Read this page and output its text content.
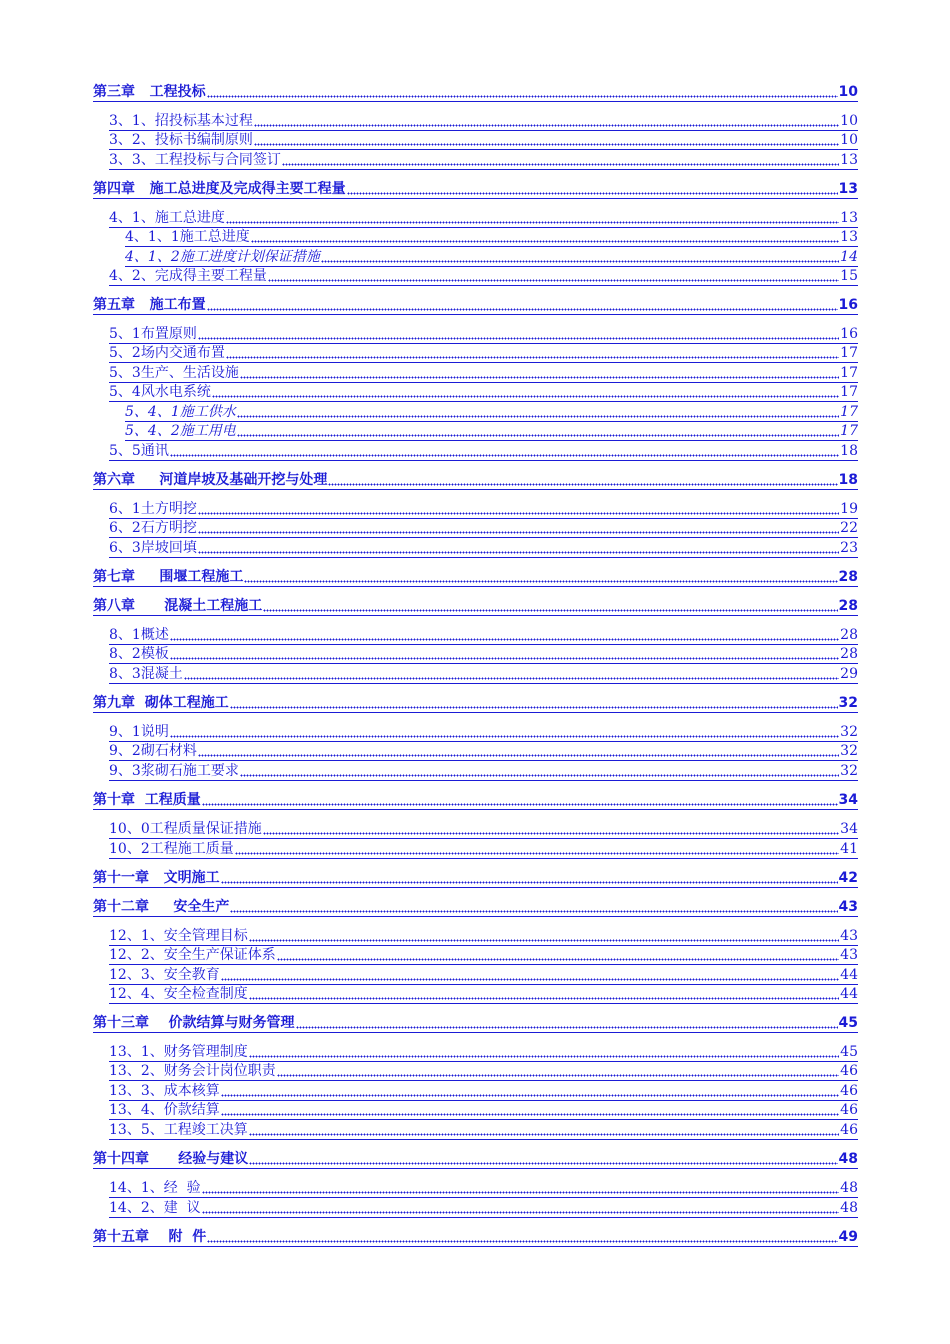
第三章   工程投标	10
3、1、招投标基本过程	10
3、2、投标书编制原则	10
3、3、工程投标与合同签订	13
第四章   施工总进度及完成得主要工程量	13
4、1、施工总进度	13
4、1、1施工总进度	13
4、1、2施工进度计划保证措施	14
4、2、完成得主要工程量	15
第五章   施工布置	16
5、1布置原则	16
5、2场内交通布置	17
5、3生产、生活设施	17
5、4风水电系统	17
5、4、1施工供水	17
5、4、2施工用电	17
5、5通讯	18
第六章     河道岸坡及基础开挖与处理	18
6、1土方明挖	19
6、2石方明挖	22
6、3岸坡回填	23
第七章     围堰工程施工	28
第八章      混凝土工程施工	28
8、1概述	28
8、2模板	28
8、3混凝土	29
第九章  砌体工程施工	32
9、1说明	32
9、2砌石材料	32
9、3浆砌石施工要求	32
第十章  工程质量	34
10、0工程质量保证措施	34
10、2工程施工质量	41
第十一章   文明施工	42
第十二章     安全生产	43
12、1、安全管理目标	43
12、2、安全生产保证体系	43
12、3、安全教育	44
12、4、安全检查制度	44
第十三章    价款结算与财务管理	45
13、1、财务管理制度	45
13、2、财务会计岗位职责	46
13、3、成本核算	46
13、4、价款结算	46
13、5、工程竣工决算	46
第十四章      经验与建议	48
14、1、经  验	48
14、2、建  议	48
第十五章    附  件	49
